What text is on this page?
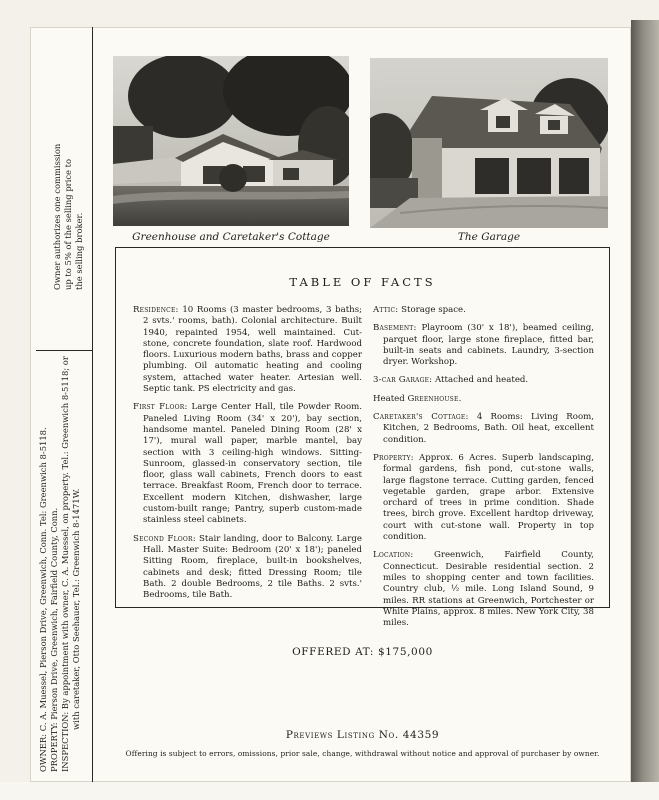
Owner authorizes one commission up to 5% of the selling price to the selling broker.
OWNER: C. A. Muessel, Pierson Drive, Greenwich, Conn. Tel: Greenwich 8-5118. PROPERTY: Pierson Drive, Greenwich, Fairfield County, Conn. INSPECTION: By appointment with owner, C. A. Muessel, on property. Tel.: Greenwich 8-5118; or with caretaker, Otto Seehauer, Tel.: Greenwich 8-1471W.
Greenhouse and Caretaker's Cottage	The Garage
TABLE OF FACTS

Residence: 10 Rooms (3 master bedrooms, 3 baths; 2 svts.' rooms, bath). Colonial architecture. Built 1940, repainted 1954, well maintained. Cut-stone, concrete foundation, slate roof. Hardwood floors. Luxurious modern baths, brass and copper plumbing. Oil automatic heating and cooling system, attached water heater. Artesian well. Septic tank. PS electricity and gas.

First Floor: Large Center Hall, tile Powder Room. Paneled Living Room (34' x 20'), bay section, handsome mantel. Paneled Dining Room (28' x 17'), mural wall paper, marble mantel, bay section with 3 ceiling-high windows. Sitting-Sunroom, glassed-in conservatory section, tile floor, glass wall cabinets, French doors to east terrace. Breakfast Room, French door to terrace. Excellent modern Kitchen, dishwasher, large custom-built range; Pantry, superb custom-made stainless steel cabinets.

Second Floor: Stair landing, door to Balcony. Large Hall. Master Suite: Bedroom (20' x 18'); paneled Sitting Room, fireplace, built-in bookshelves, cabinets and desk; fitted Dressing Room; tile Bath. 2 double Bedrooms, 2 tile Baths. 2 svts.' Bedrooms, tile Bath.

Attic: Storage space.

Basement: Playroom (30' x 18'), beamed ceiling, parquet floor, large stone fireplace, fitted bar, built-in seats and cabinets. Laundry, 3-section dryer. Workshop.

3-car Garage: Attached and heated.

Heated Greenhouse.

Caretaker's Cottage: 4 Rooms: Living Room, Kitchen, 2 Bedrooms, Bath. Oil heat, excellent condition.

Property: Approx. 6 Acres. Superb landscaping, formal gardens, fish pond, cut-stone walls, large flagstone terrace. Cutting garden, fenced vegetable garden, grape arbor. Extensive orchard of trees in prime condition. Shade trees, birch grove. Excellent hardtop driveway, court with cut-stone wall. Property in top condition.

Location: Greenwich, Fairfield County, Connecticut. Desirable residential section. 2 miles to shopping center and town facilities. Country club, ½ mile. Long Island Sound, 9 miles. RR stations at Greenwich, Portchester or White Plains, approx. 8 miles. New York City, 38 miles.

OFFERED AT: $175,000
Previews Listing No. 44359
Offering is subject to errors, omissions, prior sale, change, withdrawal without notice and approval of purchaser by owner.
